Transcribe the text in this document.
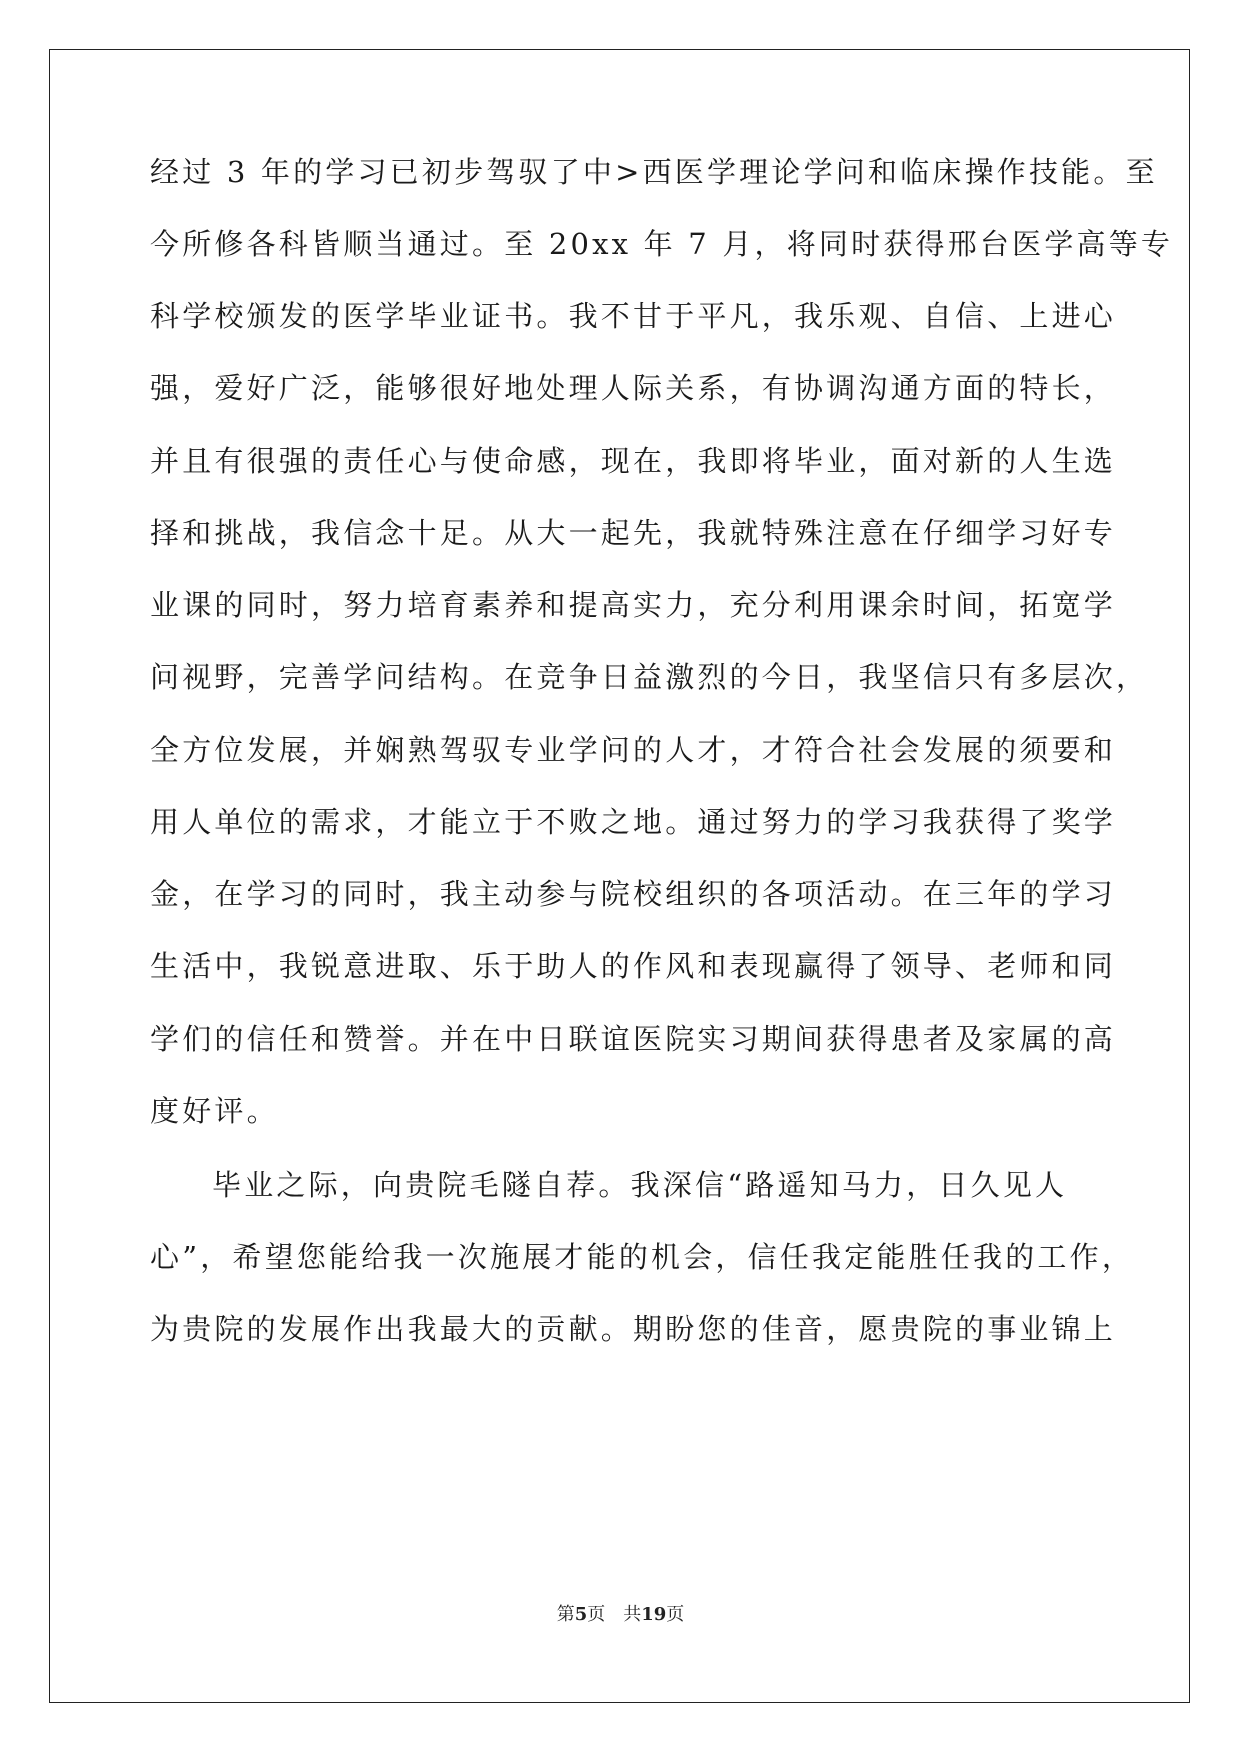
经过 3 年的学习已初步驾驭了中>西医学理论学问和临床操作技能。至
今所修各科皆顺当通过。至 20xx 年 7 月，将同时获得邢台医学高等专
科学校颁发的医学毕业证书。我不甘于平凡，我乐观、自信、上进心
强，爱好广泛，能够很好地处理人际关系，有协调沟通方面的特长，
并且有很强的责任心与使命感，现在，我即将毕业，面对新的人生选
择和挑战，我信念十足。从大一起先，我就特殊注意在仔细学习好专
业课的同时，努力培育素养和提高实力，充分利用课余时间，拓宽学
问视野，完善学问结构。在竞争日益激烈的今日，我坚信只有多层次，
全方位发展，并娴熟驾驭专业学问的人才，才符合社会发展的须要和
用人单位的需求，才能立于不败之地。通过努力的学习我获得了奖学
金，在学习的同时，我主动参与院校组织的各项活动。在三年的学习
生活中，我锐意进取、乐于助人的作风和表现赢得了领导、老师和同
学们的信任和赞誉。并在中日联谊医院实习期间获得患者及家属的高
度好评。
毕业之际，向贵院毛隧自荐。我深信“路遥知马力，日久见人
心”，希望您能给我一次施展才能的机会，信任我定能胜任我的工作，
为贵院的发展作出我最大的贡献。期盼您的佳音，愿贵院的事业锦上
第5页 共19页
